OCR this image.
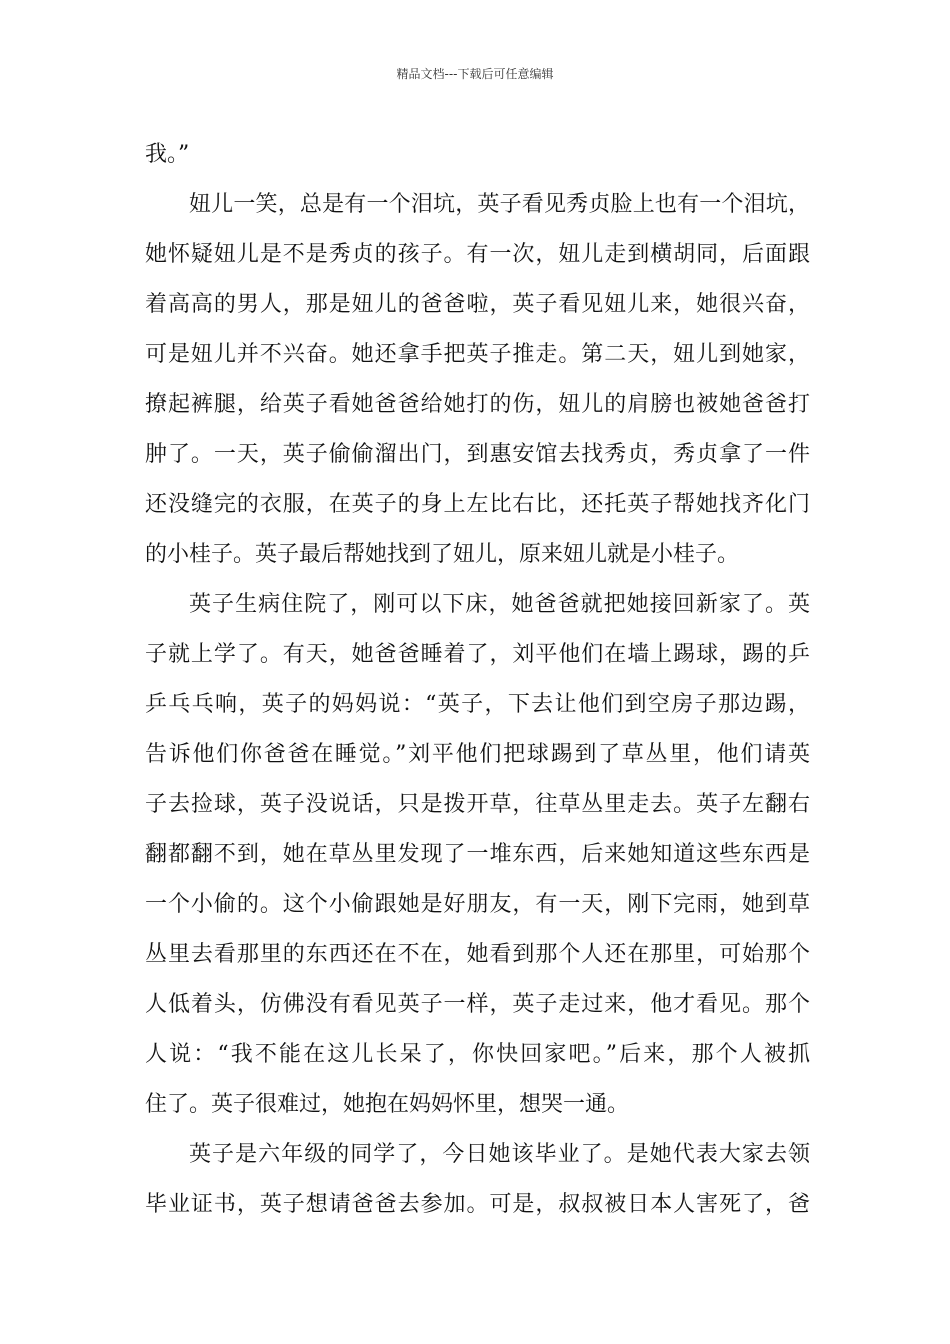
精品文档---下载后可任意编辑
我。”
妞儿一笑，总是有一个泪坑，英子看见秀贞脸上也有一个泪坑，
她怀疑妞儿是不是秀贞的孩子。有一次，妞儿走到横胡同，后面跟
着高高的男人，那是妞儿的爸爸啦，英子看见妞儿来，她很兴奋，
可是妞儿并不兴奋。她还拿手把英子推走。第二天，妞儿到她家，
撩起裤腿，给英子看她爸爸给她打的伤，妞儿的肩膀也被她爸爸打
肿了。一天，英子偷偷溜出门，到惠安馆去找秀贞，秀贞拿了一件
还没缝完的衣服，在英子的身上左比右比，还托英子帮她找齐化门
的小桂子。英子最后帮她找到了妞儿，原来妞儿就是小桂子。
英子生病住院了，刚可以下床，她爸爸就把她接回新家了。英
子就上学了。有天，她爸爸睡着了，刘平他们在墙上踢球，踢的乒
乒乓乓响，英子的妈妈说：“英子，下去让他们到空房子那边踢，
告诉他们你爸爸在睡觉。”刘平他们把球踢到了草丛里，他们请英
子去捡球，英子没说话，只是拨开草，往草丛里走去。英子左翻右
翻都翻不到，她在草丛里发现了一堆东西，后来她知道这些东西是
一个小偷的。这个小偷跟她是好朋友，有一天，刚下完雨，她到草
丛里去看那里的东西还在不在，她看到那个人还在那里，可始那个
人低着头，仿佛没有看见英子一样，英子走过来，他才看见。那个
人说：“我不能在这儿长呆了，你快回家吧。”后来，那个人被抓
住了。英子很难过，她抱在妈妈怀里，想哭一通。
英子是六年级的同学了，今日她该毕业了。是她代表大家去领
毕业证书，英子想请爸爸去参加。可是，叔叔被日本人害死了，爸
